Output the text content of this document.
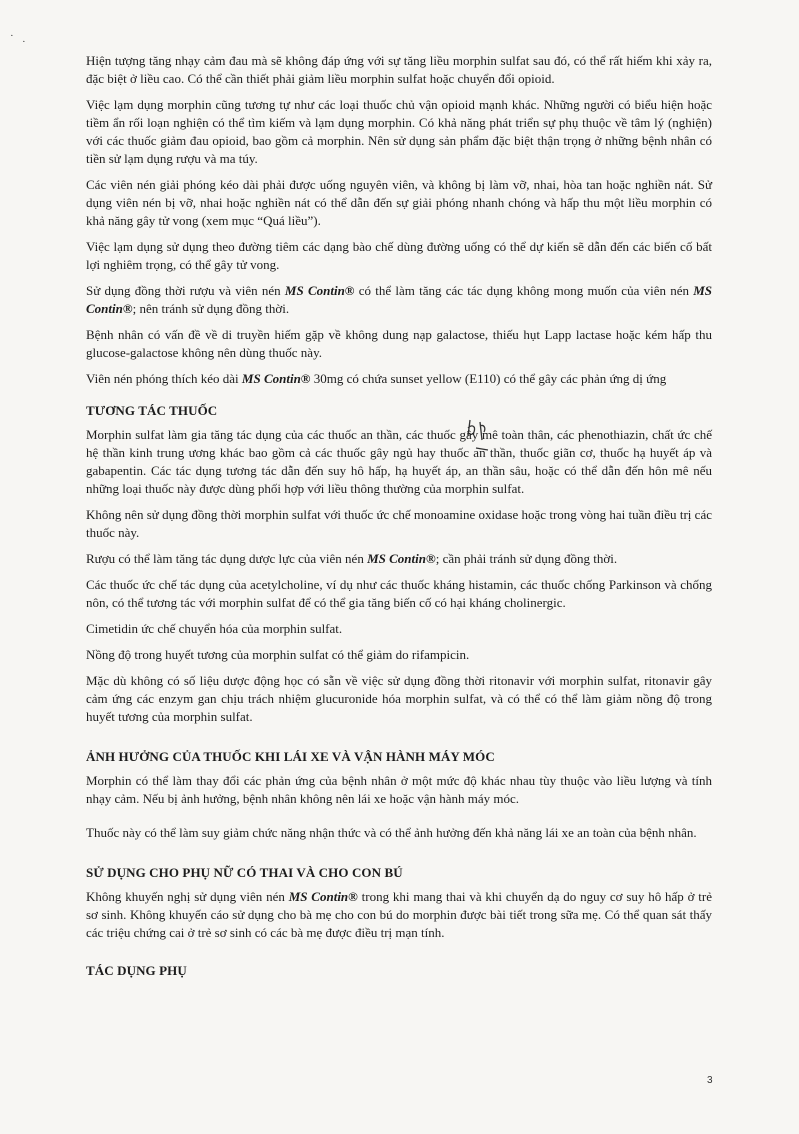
· ·

Hiện tượng tăng nhạy cảm đau mà sẽ không đáp ứng với sự tăng liều morphin sulfat sau đó, có thể rất hiếm khi xảy ra, đặc biệt ở liều cao. Có thể cần thiết phải giảm liều morphin sulfat hoặc chuyển đổi opioid.

Việc lạm dụng morphin cũng tương tự như các loại thuốc chủ vận opioid mạnh khác. Những người có biểu hiện hoặc tiềm ẩn rối loạn nghiện có thể tìm kiếm và lạm dụng morphin. Có khả năng phát triển sự phụ thuộc về tâm lý (nghiện) với các thuốc giảm đau opioid, bao gồm cả morphin. Nên sử dụng sản phẩm đặc biệt thận trọng ở những bệnh nhân có tiền sử lạm dụng rượu và ma túy.

Các viên nén giải phóng kéo dài phải được uống nguyên viên, và không bị làm vỡ, nhai, hòa tan hoặc nghiền nát. Sử dụng viên nén bị vỡ, nhai hoặc nghiền nát có thể dẫn đến sự giải phóng nhanh chóng và hấp thu một liều morphin có khả năng gây tử vong (xem mục “Quá liều”).

Việc lạm dụng sử dụng theo đường tiêm các dạng bào chế dùng đường uống có thể dự kiến sẽ dẫn đến các biến cố bất lợi nghiêm trọng, có thể gây tử vong.

Sử dụng đồng thời rượu và viên nén MS Contin® có thể làm tăng các tác dụng không mong muốn của viên nén MS Contin®; nên tránh sử dụng đồng thời.

Bệnh nhân có vấn đề về di truyền hiếm gặp về không dung nạp galactose, thiếu hụt Lapp lactase hoặc kém hấp thu glucose-galactose không nên dùng thuốc này.

Viên nén phóng thích kéo dài MS Contin® 30mg có chứa sunset yellow (E110) có thể gây các phản ứng dị ứng

TƯƠNG TÁC THUỐC

Morphin sulfat làm gia tăng tác dụng của các thuốc an thần, các thuốc gây mê toàn thân, các phenothiazin, chất ức chế hệ thần kinh trung ương khác bao gồm cả các thuốc gây ngủ hay thuốc an thần, thuốc giãn cơ, thuốc hạ huyết áp và gabapentin. Các tác dụng tương tác dẫn đến suy hô hấp, hạ huyết áp, an thần sâu, hoặc có thể dẫn đến hôn mê nếu những loại thuốc này được dùng phối hợp với liều thông thường của morphin sulfat.

Không nên sử dụng đồng thời morphin sulfat với thuốc ức chế monoamine oxidase hoặc trong vòng hai tuần điều trị các thuốc này.

Rượu có thể làm tăng tác dụng dược lực của viên nén MS Contin®; cần phải tránh sử dụng đồng thời.

Các thuốc ức chế tác dụng của acetylcholine, ví dụ như các thuốc kháng histamin, các thuốc chống Parkinson và chống nôn, có thể tương tác với morphin sulfat để có thể gia tăng biến cố có hại kháng cholinergic.

Cimetidin ức chế chuyển hóa của morphin sulfat.

Nồng độ trong huyết tương của morphin sulfat có thể giảm do rifampicin.

Mặc dù không có số liệu dược động học có sẵn về việc sử dụng đồng thời ritonavir với morphin sulfat, ritonavir gây cảm ứng các enzym gan chịu trách nhiệm glucuronide hóa morphin sulfat, và có thể có thể làm giảm nồng độ trong huyết tương của morphin sulfat.

ẢNH HƯỞNG CỦA THUỐC KHI LÁI XE VÀ VẬN HÀNH MÁY MÓC

Morphin có thể làm thay đổi các phản ứng của bệnh nhân ở một mức độ khác nhau tùy thuộc vào liều lượng và tính nhạy cảm. Nếu bị ảnh hưởng, bệnh nhân không nên lái xe hoặc vận hành máy móc.

Thuốc này có thể làm suy giảm chức năng nhận thức và có thể ảnh hưởng đến khả năng lái xe an toàn của bệnh nhân.

SỬ DỤNG CHO PHỤ NỮ CÓ THAI VÀ CHO CON BÚ

Không khuyến nghị sử dụng viên nén MS Contin® trong khi mang thai và khi chuyển dạ do nguy cơ suy hô hấp ở trẻ sơ sinh. Không khuyến cáo sử dụng cho bà mẹ cho con bú do morphin được bài tiết trong sữa mẹ. Có thể quan sát thấy các triệu chứng cai ở trẻ sơ sinh có các bà mẹ được điều trị mạn tính.

TÁC DỤNG PHỤ
3
